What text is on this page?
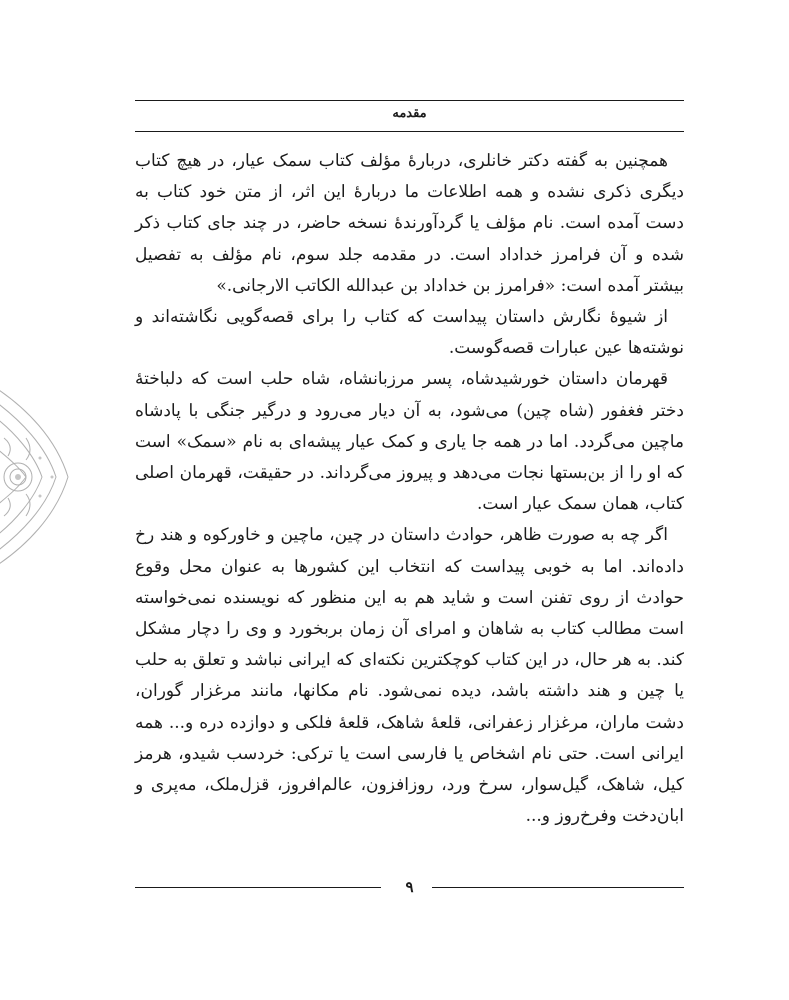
مقدمه

همچنین به گفته دکتر خانلری، دربارۀ مؤلف کتاب سمک عیار، در هیچ کتاب دیگری ذکری نشده و همه اطلاعات ما دربارۀ این اثر، از متن خود کتاب به دست آمده است. نام مؤلف یا گردآورندۀ نسخه حاضر، در چند جای کتاب ذکر شده و آن فرامرز خداداد است. در مقدمه جلد سوم، نام مؤلف به تفصیل بیشتر آمده است: «فرامرز بن خداداد بن عبدالله الکاتب الارجانی.»

از شیوۀ نگارش داستان پیداست که کتاب را برای قصه‌گویی نگاشته‌اند و نوشته‌ها عین عبارات قصه‌گوست.

قهرمان داستان خورشیدشاه، پسر مرزبانشاه، شاه حلب است که دلباختۀ دختر فغفور (شاه چین) می‌شود، به آن دیار می‌رود و درگیر جنگی با پادشاه ماچین می‌گردد. اما در همه جا یاری و کمک عیار پیشه‌ای به نام «سمک» است که او را از بن‌بستها نجات می‌دهد و پیروز می‌گرداند. در حقیقت، قهرمان اصلی کتاب، همان سمک عیار است.

اگر چه به صورت ظاهر، حوادث داستان در چین، ماچین و خاورکوه و هند رخ داده‌اند. اما به خوبی پیداست که انتخاب این کشورها به عنوان محل وقوع حوادث از روی تفنن است و شاید هم به این منظور که نویسنده نمی‌خواسته است مطالب کتاب به شاهان و امرای آن زمان بربخورد و وی را دچار مشکل کند. به هر حال، در این کتاب کوچکترین نکته‌ای که ایرانی نباشد و تعلق به حلب یا چین و هند داشته باشد، دیده نمی‌شود. نام مکانها، مانند مرغزار گوران، دشت ماران، مرغزار زعفرانی، قلعۀ شاهک، قلعۀ فلکی و دوازده دره و... همه ایرانی است. حتی نام اشخاص یا فارسی است یا ترکی: خردسب شیدو، هرمز کیل، شاهک، گیل‌سوار، سرخ ورد، روزافزون، عالم‌افروز، قزل‌ملک، مه‌پری و ابان‌دخت وفرخ‌روز و...

۹
